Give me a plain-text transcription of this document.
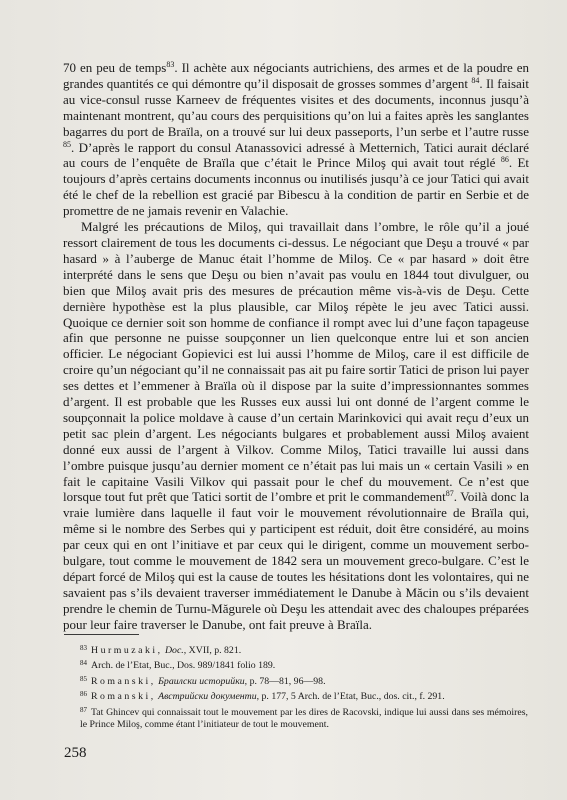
70 en peu de temps$^{83}$. Il achète aux négociants autrichiens, des armes et de la poudre en grandes quantités ce qui démontre qu’il disposait de grosses sommes d’argent $^{84}$. Il faisait au vice-consul russe Karneev de fréquentes visites et des documents, inconnus jusqu’à maintenant montrent, qu’au cours des perquisitions qu’on lui a faites après les sanglantes bagarres du port de Braïla, on a trouvé sur lui deux passeports, l’un serbe et l’autre russe $^{85}$. D’après le rapport du consul Atanassovici adressé à Metternich, Tatici aurait déclaré au cours de l’enquête de Braïla que c’était le Prince Miloş qui avait tout réglé $^{86}$. Et toujours d’après certains documents inconnus ou inutilisés jusqu’à ce jour Tatici qui avait été le chef de la rebellion est gracié par Bibescu à la condition de partir en Serbie et de promettre de ne jamais revenir en Valachie.

Malgré les précautions de Miloş, qui travaillait dans l’ombre, le rôle qu’il a joué ressort clairement de tous les documents ci-dessus. Le négociant que Deşu a trouvé « par hasard » à l’auberge de Manuc était l’homme de Miloş. Ce « par hasard » doit être interprété dans le sens que Deşu ou bien n’avait pas voulu en 1844 tout divulguer, ou bien que Miloş avait pris des mesures de précaution même vis-à-vis de Deşu. Cette dernière hypothèse est la plus plausible, car Miloş répète le jeu avec Tatici aussi. Quoique ce dernier soit son homme de confiance il rompt avec lui d’une façon tapageuse afin que personne ne puisse soupçonner un lien quelconque entre lui et son ancien officier. Le négociant Gopievici est lui aussi l’homme de Miloş, care il est difficile de croire qu’un négociant qu’il ne connaissait pas ait pu faire sortir Tatici de prison lui payer ses dettes et l’emmener à Braïla où il dispose par la suite d’impressionnantes sommes d’argent. Il est probable que les Russes eux aussi lui ont donné de l’argent comme le soupçonnait la police moldave à cause d’un certain Marinkovici qui avait reçu d’eux un petit sac plein d’argent. Les négociants bulgares et probablement aussi Miloş avaient donné eux aussi de l’argent à Vilkov. Comme Miloş, Tatici travaille lui aussi dans l’ombre puisque jusqu’au dernier moment ce n’était pas lui mais un « certain Vasili » en fait le capitaine Vasili Vilkov qui passait pour le chef du mouvement. Ce n’est que lorsque tout fut prêt que Tatici sortit de l’ombre et prit le commandement$^{87}$. Voilà donc la vraie lumière dans laquelle il faut voir le mouvement révolutionnaire de Braïla qui, même si le nombre des Serbes qui y participent est réduit, doit être considéré, au moins par ceux qui en ont l’initiave et par ceux qui le dirigent, comme un mouvement serbo-bulgare, tout comme le mouvement de 1842 sera un mouvement greco-bulgare. C’est le départ forcé de Miloş qui est la cause de toutes les hésitations dont les volontaires, qui ne savaient pas s’ils devaient traverser immédiatement le Danube à Măcin ou s’ils devaient prendre le chemin de Turnu-Măgurele où Deşu les attendait avec des chaloupes préparées pour leur faire traverser le Danube, ont fait preuve à Braïla.

$^{83}$ Hurmuzaki, Doc., XVII, p. 821.

$^{84}$ Arch. de l’Etat, Buc., Dos. 989/1841 folio 189.

$^{85}$ Romanski, Браилски историйки, p. 78—81, 96—98.

$^{86}$ Romanski, Австрийски документи, p. 177, 5 Arch. de l’Etat, Buc., dos. cit., f. 291.

$^{87}$ Tat Ghincev qui connaissait tout le mouvement par les dires de Racovski, indique lui aussi dans ses mémoires, le Prince Miloş, comme étant l’initiateur de tout le mouvement.

258
